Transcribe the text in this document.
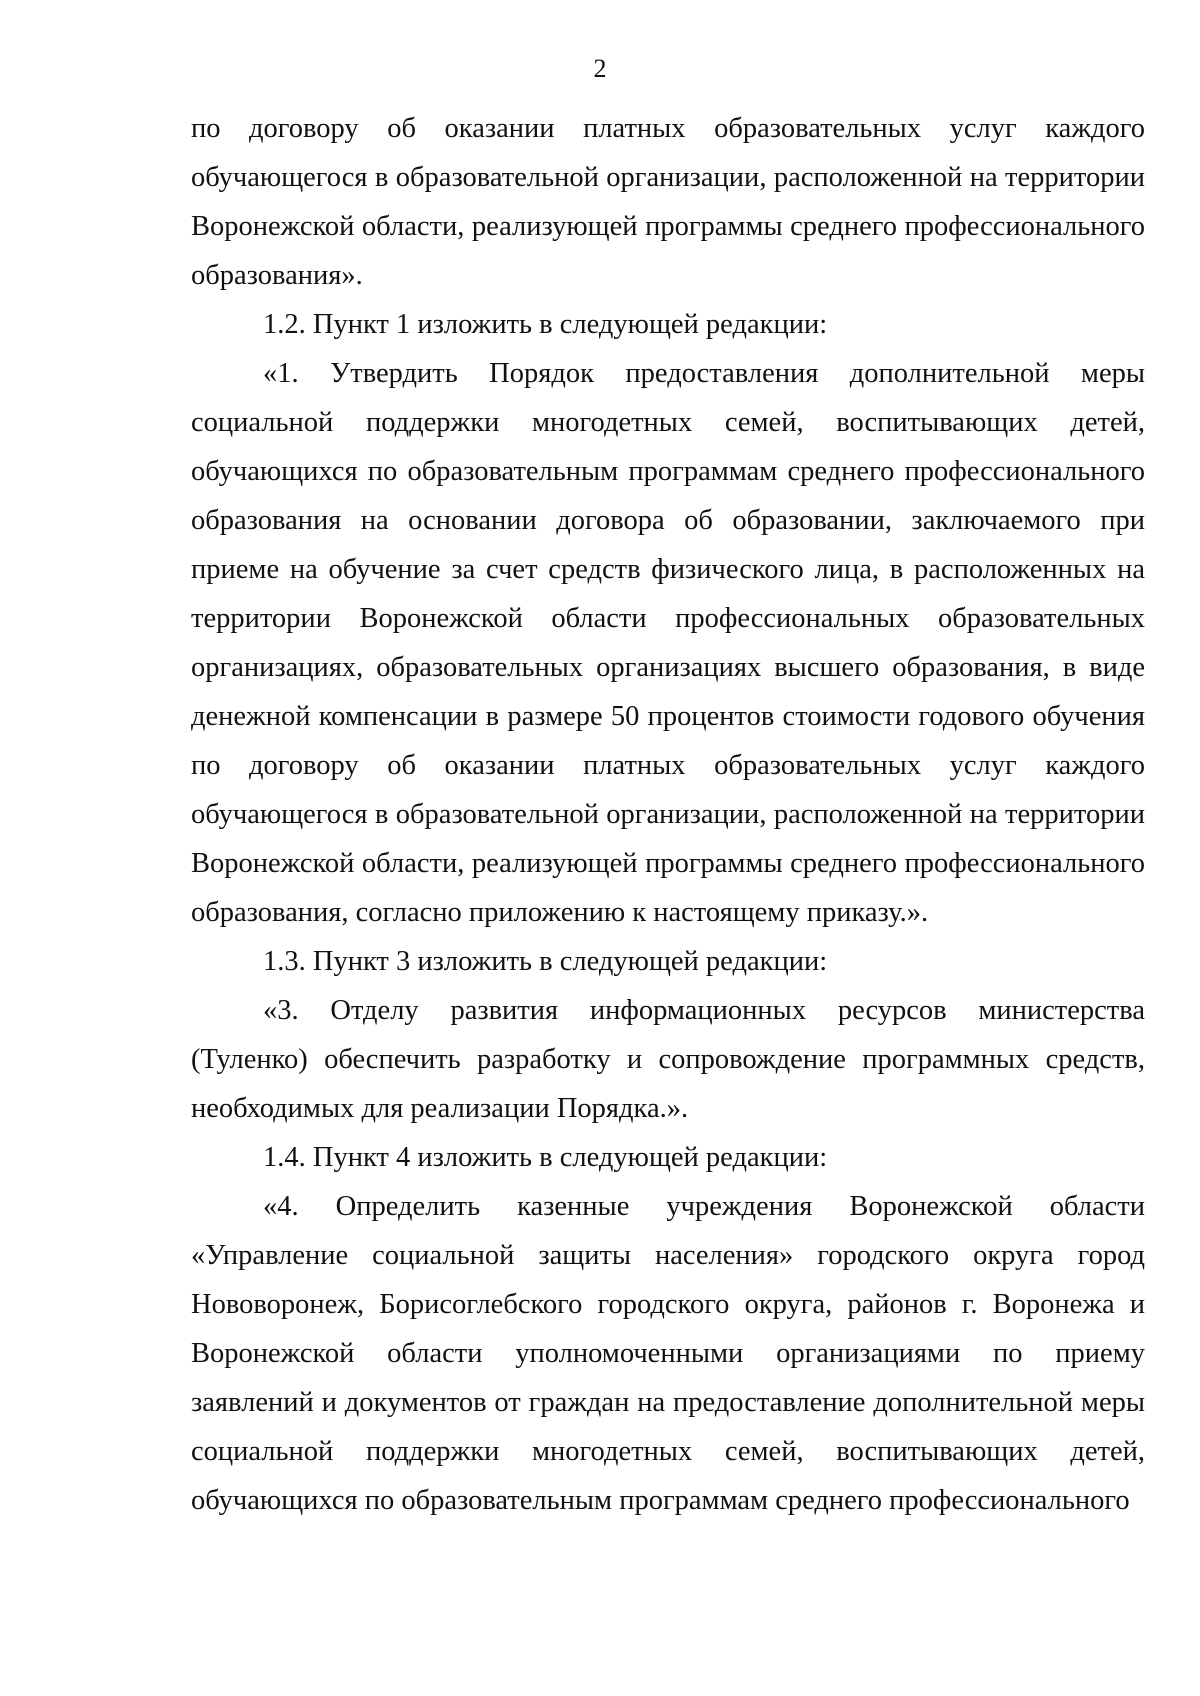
2

по договору об оказании платных образовательных услуг каждого обучающегося в образовательной организации, расположенной на территории Воронежской области, реализующей программы среднего профессионального образования».

1.2. Пункт 1 изложить в следующей редакции:

«1. Утвердить Порядок предоставления дополнительной меры социальной поддержки многодетных семей, воспитывающих детей, обучающихся по образовательным программам среднего профессионального образования на основании договора об образовании, заключаемого при приеме на обучение за счет средств физического лица, в расположенных на территории Воронежской области профессиональных образовательных организациях, образовательных организациях высшего образования, в виде денежной компенсации в размере 50 процентов стоимости годового обучения по договору об оказании платных образовательных услуг каждого обучающегося в образовательной организации, расположенной на территории Воронежской области, реализующей программы среднего профессионального образования, согласно приложению к настоящему приказу.».

1.3. Пункт 3 изложить в следующей редакции:

«3. Отделу развития информационных ресурсов министерства (Туленко) обеспечить разработку и сопровождение программных средств, необходимых для реализации Порядка.».

1.4. Пункт 4 изложить в следующей редакции:

«4. Определить казенные учреждения Воронежской области «Управление социальной защиты населения» городского округа город Нововоронеж, Борисоглебского городского округа, районов г. Воронежа и Воронежской области уполномоченными организациями по приему заявлений и документов от граждан на предоставление дополнительной меры социальной поддержки многодетных семей, воспитывающих детей, обучающихся по образовательным программам среднего профессионального
